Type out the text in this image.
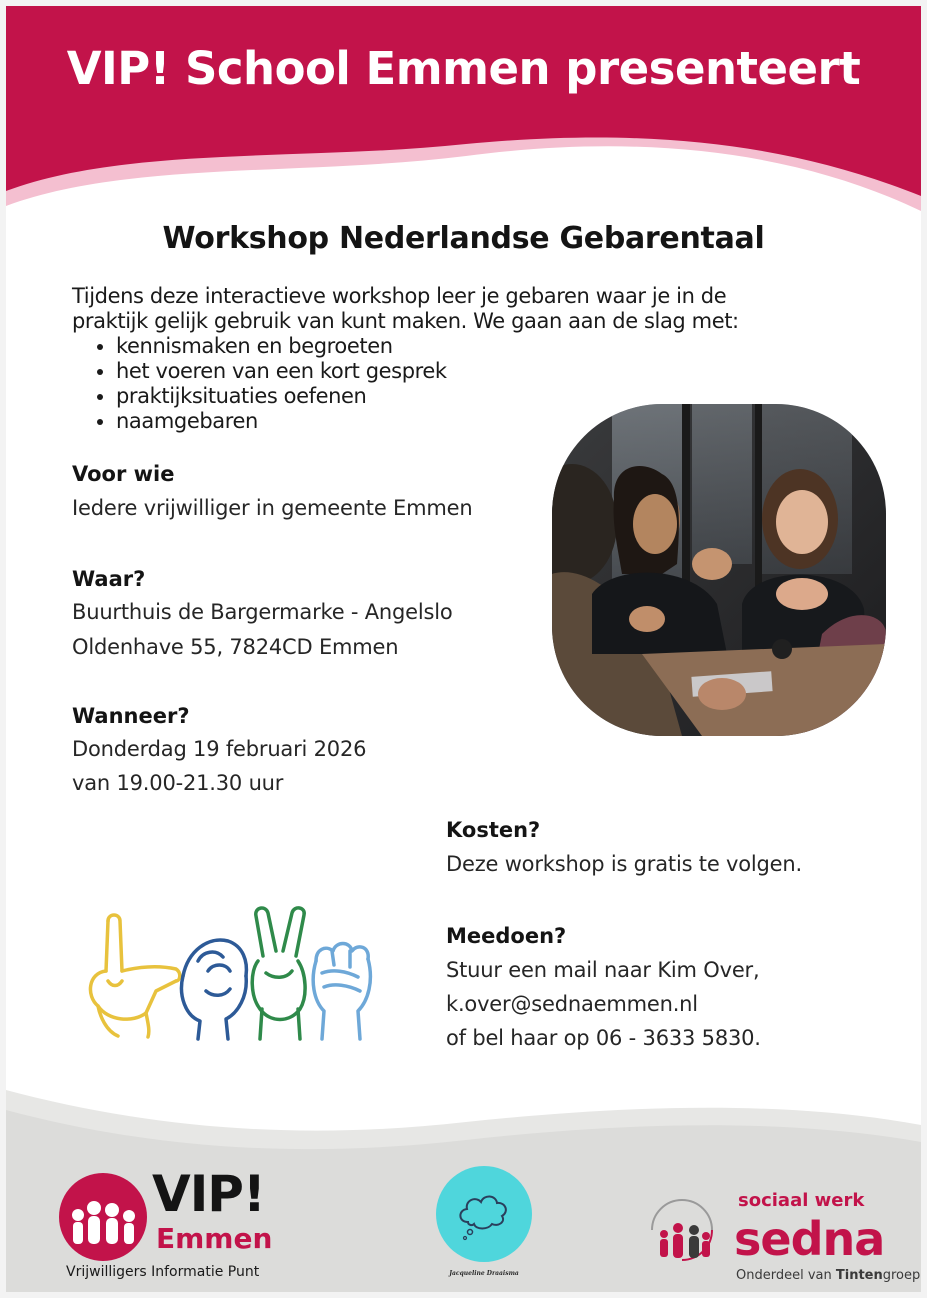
VIP! School Emmen presenteert
Workshop Nederlandse Gebarentaal
Tijdens deze interactieve workshop leer je gebaren waar je in de
praktijk gelijk gebruik van kunt maken. We gaan aan de slag met:
• kennismaken en begroeten
• het voeren van een kort gesprek
• praktijksituaties oefenen
• naamgebaren
Voor wie
Iedere vrijwilliger in gemeente Emmen
Waar?
Buurthuis de Bargermarke - Angelslo
Oldenhave 55, 7824CD Emmen
Wanneer?
Donderdag 19 februari 2026
van 19.00-21.30 uur
Kosten?
Deze workshop is gratis te volgen.
Meedoen?
Stuur een mail naar Kim Over,
k.over@sednaemmen.nl
of bel haar op 06 - 3633 5830.
VIP!
Emmen
Vrijwilligers Informatie Punt	Jacqueline Draaisma
sociaal werk
sedna
Onderdeel van Tintengroep
